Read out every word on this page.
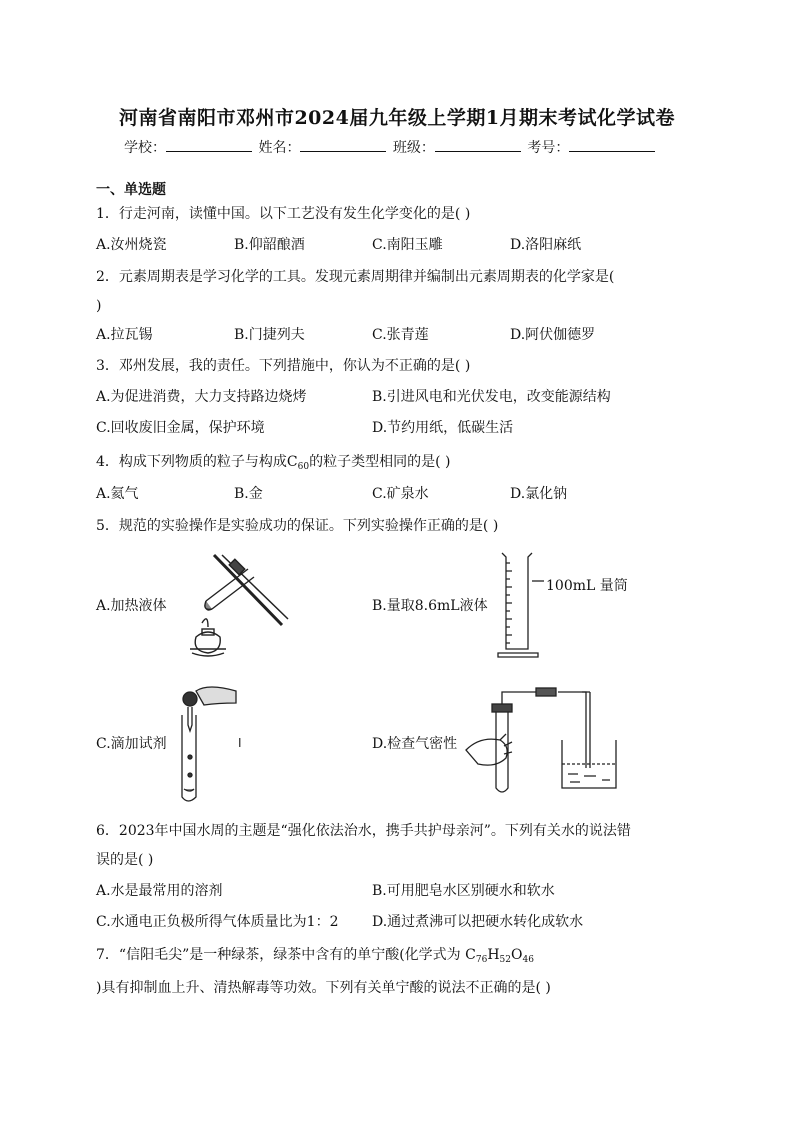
河南省南阳市邓州市2024届九年级上学期1月期末考试化学试卷
学校：	姓名：	班级：	考号：
一、单选题
1．行走河南，读懂中国。以下工艺没有发生化学变化的是( )
A.汝州烧瓷	B.仰韶酿酒	C.南阳玉雕	D.洛阳麻纸
2．元素周期表是学习化学的工具。发现元素周期律并编制出元素周期表的化学家是(
)
A.拉瓦锡	B.门捷列夫	C.张青莲	D.阿伏伽德罗
3．邓州发展，我的责任。下列措施中，你认为不正确的是( )
A.为促进消费，大力支持路边烧烤	B.引进风电和光伏发电，改变能源结构
C.回收废旧金属，保护环境	D.节约用纸，低碳生活
4．构成下列物质的粒子与构成$C_{60}$的粒子类型相同的是( )
A.氦气	B.金	C.矿泉水	D.氯化钠
5．规范的实验操作是实验成功的保证。下列实验操作正确的是( )
A.加热液体	B.量取8.6mL液体
100mL 量筒
C.滴加试剂	I	D.检查气密性
6．2023年中国水周的主题是“强化依法治水，携手共护母亲河”。下列有关水的说法错
误的是( )
A.水是最常用的溶剂	B.可用肥皂水区别硬水和软水
C.水通电正负极所得气体质量比为1：2 D.通过煮沸可以把硬水转化成软水
7．“信阳毛尖”是一种绿茶，绿茶中含有的单宁酸(化学式为 $C_{76}H_{52}O_{46}$
)具有抑制血上升、清热解毒等功效。下列有关单宁酸的说法不正确的是( )
